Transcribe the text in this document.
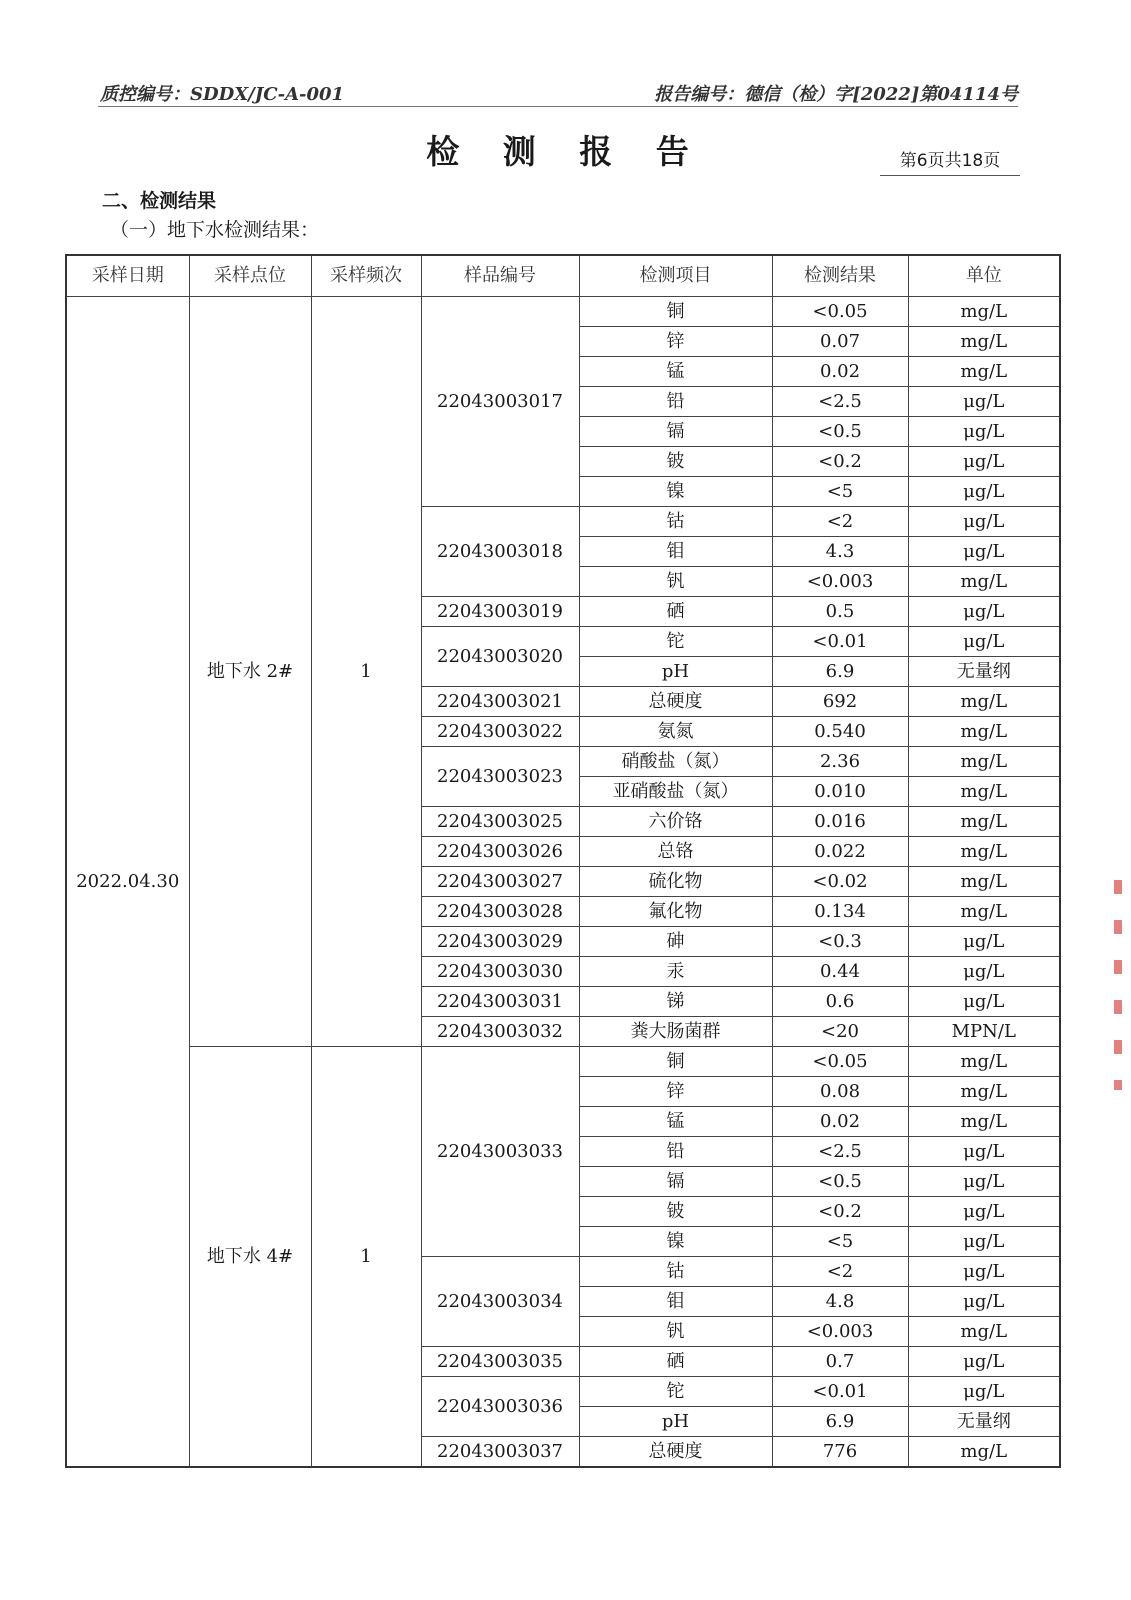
质控编号：SDDX/JC-A-001	报告编号：德信（检）字[2022]第04114号
检 测 报 告	第6页共18页
二、检测结果
（一）地下水检测结果：
采样日期	采样点位	采样频次	样品编号	检测项目	检测结果	单位
2022.04.30	地下水 2#	1	22043003017	铜	<0.05	mg/L
				锌	0.07	mg/L
				锰	0.02	mg/L
				铅	<2.5	μg/L
				镉	<0.5	μg/L
				铍	<0.2	μg/L
				镍	<5	μg/L
			22043003018	钴	<2	μg/L
				钼	4.3	μg/L
				钒	<0.003	mg/L
			22043003019	硒	0.5	μg/L
			22043003020	铊	<0.01	μg/L
				pH	6.9	无量纲
			22043003021	总硬度	692	mg/L
			22043003022	氨氮	0.540	mg/L
			22043003023	硝酸盐（氮）	2.36	mg/L
				亚硝酸盐（氮）	0.010	mg/L
			22043003025	六价铬	0.016	mg/L
			22043003026	总铬	0.022	mg/L
			22043003027	硫化物	<0.02	mg/L
			22043003028	氟化物	0.134	mg/L
			22043003029	砷	<0.3	μg/L
			22043003030	汞	0.44	μg/L
			22043003031	锑	0.6	μg/L
			22043003032	粪大肠菌群	<20	MPN/L
	地下水 4#	1	22043003033	铜	<0.05	mg/L
				锌	0.08	mg/L
				锰	0.02	mg/L
				铅	<2.5	μg/L
				镉	<0.5	μg/L
				铍	<0.2	μg/L
				镍	<5	μg/L
			22043003034	钴	<2	μg/L
				钼	4.8	μg/L
				钒	<0.003	mg/L
			22043003035	硒	0.7	μg/L
			22043003036	铊	<0.01	μg/L
				pH	6.9	无量纲
			22043003037	总硬度	776	mg/L
